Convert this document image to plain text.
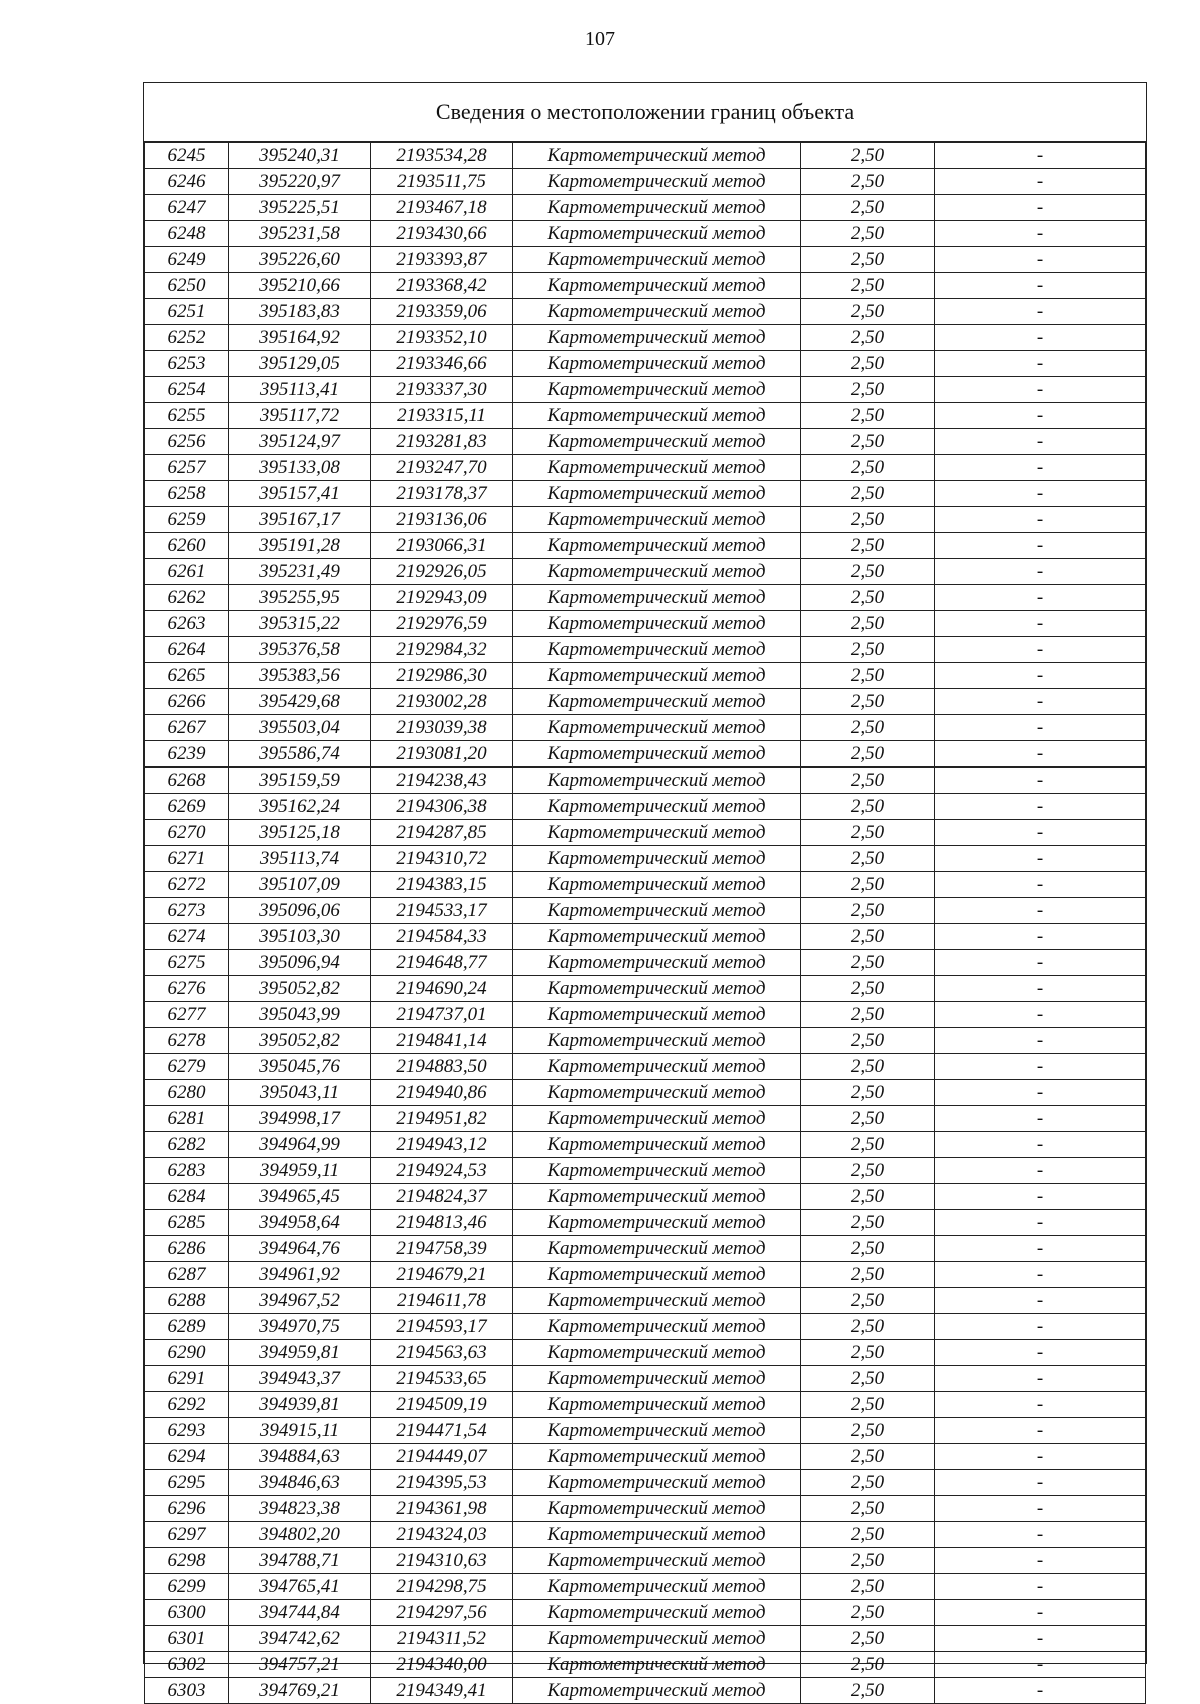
107
Сведения о местоположении границ объекта
6245	395240,31	2193534,28	Картометрический метод	2,50	-
6246	395220,97	2193511,75	Картометрический метод	2,50	-
6247	395225,51	2193467,18	Картометрический метод	2,50	-
6248	395231,58	2193430,66	Картометрический метод	2,50	-
6249	395226,60	2193393,87	Картометрический метод	2,50	-
6250	395210,66	2193368,42	Картометрический метод	2,50	-
6251	395183,83	2193359,06	Картометрический метод	2,50	-
6252	395164,92	2193352,10	Картометрический метод	2,50	-
6253	395129,05	2193346,66	Картометрический метод	2,50	-
6254	395113,41	2193337,30	Картометрический метод	2,50	-
6255	395117,72	2193315,11	Картометрический метод	2,50	-
6256	395124,97	2193281,83	Картометрический метод	2,50	-
6257	395133,08	2193247,70	Картометрический метод	2,50	-
6258	395157,41	2193178,37	Картометрический метод	2,50	-
6259	395167,17	2193136,06	Картометрический метод	2,50	-
6260	395191,28	2193066,31	Картометрический метод	2,50	-
6261	395231,49	2192926,05	Картометрический метод	2,50	-
6262	395255,95	2192943,09	Картометрический метод	2,50	-
6263	395315,22	2192976,59	Картометрический метод	2,50	-
6264	395376,58	2192984,32	Картометрический метод	2,50	-
6265	395383,56	2192986,30	Картометрический метод	2,50	-
6266	395429,68	2193002,28	Картометрический метод	2,50	-
6267	395503,04	2193039,38	Картометрический метод	2,50	-
6239	395586,74	2193081,20	Картометрический метод	2,50	-
6268	395159,59	2194238,43	Картометрический метод	2,50	-
6269	395162,24	2194306,38	Картометрический метод	2,50	-
6270	395125,18	2194287,85	Картометрический метод	2,50	-
6271	395113,74	2194310,72	Картометрический метод	2,50	-
6272	395107,09	2194383,15	Картометрический метод	2,50	-
6273	395096,06	2194533,17	Картометрический метод	2,50	-
6274	395103,30	2194584,33	Картометрический метод	2,50	-
6275	395096,94	2194648,77	Картометрический метод	2,50	-
6276	395052,82	2194690,24	Картометрический метод	2,50	-
6277	395043,99	2194737,01	Картометрический метод	2,50	-
6278	395052,82	2194841,14	Картометрический метод	2,50	-
6279	395045,76	2194883,50	Картометрический метод	2,50	-
6280	395043,11	2194940,86	Картометрический метод	2,50	-
6281	394998,17	2194951,82	Картометрический метод	2,50	-
6282	394964,99	2194943,12	Картометрический метод	2,50	-
6283	394959,11	2194924,53	Картометрический метод	2,50	-
6284	394965,45	2194824,37	Картометрический метод	2,50	-
6285	394958,64	2194813,46	Картометрический метод	2,50	-
6286	394964,76	2194758,39	Картометрический метод	2,50	-
6287	394961,92	2194679,21	Картометрический метод	2,50	-
6288	394967,52	2194611,78	Картометрический метод	2,50	-
6289	394970,75	2194593,17	Картометрический метод	2,50	-
6290	394959,81	2194563,63	Картометрический метод	2,50	-
6291	394943,37	2194533,65	Картометрический метод	2,50	-
6292	394939,81	2194509,19	Картометрический метод	2,50	-
6293	394915,11	2194471,54	Картометрический метод	2,50	-
6294	394884,63	2194449,07	Картометрический метод	2,50	-
6295	394846,63	2194395,53	Картометрический метод	2,50	-
6296	394823,38	2194361,98	Картометрический метод	2,50	-
6297	394802,20	2194324,03	Картометрический метод	2,50	-
6298	394788,71	2194310,63	Картометрический метод	2,50	-
6299	394765,41	2194298,75	Картометрический метод	2,50	-
6300	394744,84	2194297,56	Картометрический метод	2,50	-
6301	394742,62	2194311,52	Картометрический метод	2,50	-
6302	394757,21	2194340,00	Картометрический метод	2,50	-
6303	394769,21	2194349,41	Картометрический метод	2,50	-
